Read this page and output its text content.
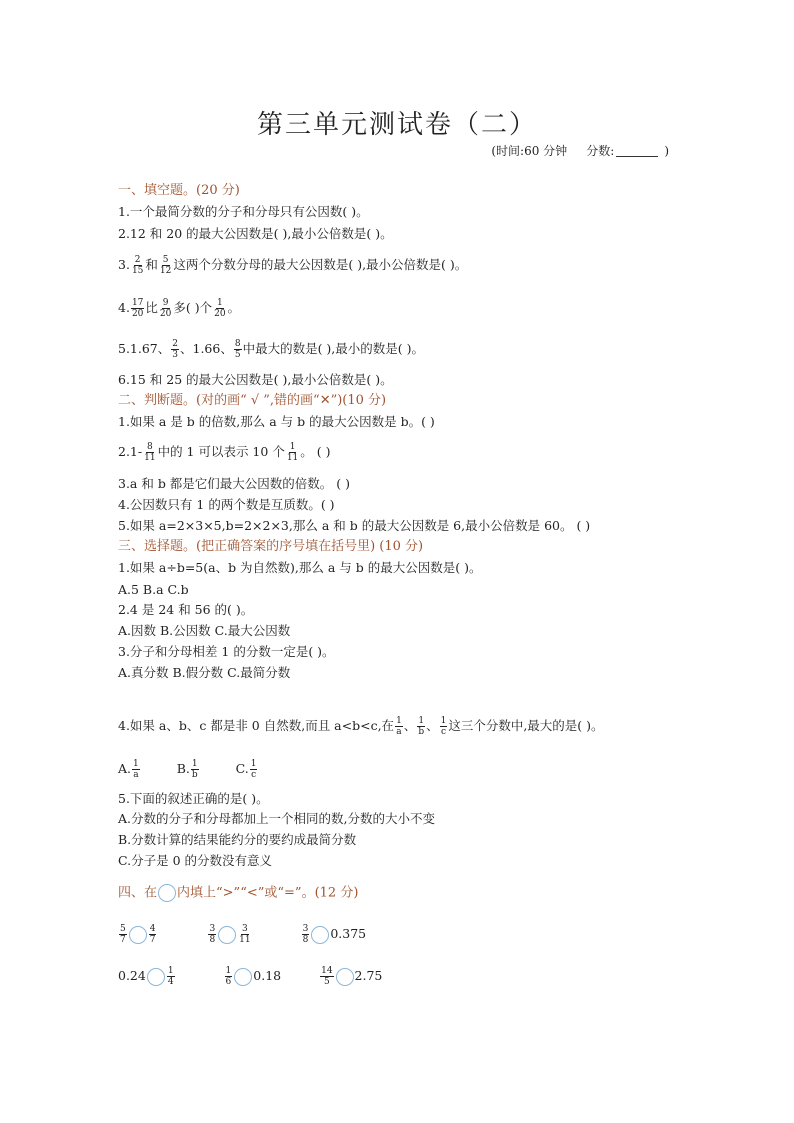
第三单元测试卷（二）
(时间:60 分钟 分数:	)
一、填空题。(20 分)
1.一个最简分数的分子和分母只有公因数( )。
2.12 和 20 的最大公因数是( ),最小公倍数是( )。
3. $\frac{2}{15}$ 和 $\frac{5}{12}$ 这两个分数分母的最大公因数是( ),最小公倍数是( )。
4. $\frac{17}{20}$ 比 $\frac{9}{20}$ 多( )个 $\frac{1}{20}$ 。
5.1.67、 $\frac{2}{3}$ 、1.66、 $\frac{8}{5}$ 中最大的数是( ),最小的数是( )。
6.15 和 25 的最大公因数是( ),最小公倍数是( )。
二、判断题。(对的画“ √ ”,错的画“✕”)(10 分)
1.如果 a 是 b 的倍数,那么 a 与 b 的最大公因数是 b。( )
$2.1- \frac{8}{11}$ 中的 1 可以表示 10 个 $\frac{1}{11}$ 。 ( )
3.a 和 b 都是它们最大公因数的倍数。 ( )
4.公因数只有 1 的两个数是互质数。( )
5.如果 a=2×3×5,b=2×2×3,那么 a 和 b 的最大公因数是 6,最小公倍数是 60。 ( )
三、选择题。(把正确答案的序号填在括号里) (10 分)
1.如果 a÷b=5(a、b 为自然数),那么 a 与 b 的最大公因数是( )。
A.5 B.a C.b
2.4 是 24 和 56 的( )。
A.因数 B.公因数 C.最大公因数
3.分子和分母相差 1 的分数一定是( )。
A.真分数 B.假分数 C.最简分数
4.如果 a、b、c 都是非 0 自然数,而且 a<b<c,在 $\frac{1}{a}$ 、 $\frac{1}{b}$ 、 $\frac{1}{c}$ 这三个分数中,最大的是( )。
A. $\frac{1}{a}$	B. $\frac{1}{b}$	C. $\frac{1}{c}$
5.下面的叙述正确的是( )。
A.分数的分子和分母都加上一个相同的数,分数的大小不变
B.分数计算的结果能约分的要约成最简分数
C.分子是 0 的分数没有意义
四、在 内填上“>”“<”或“=”。(12 分)
$\frac{5}{7} \frac{4}{7}$
	$\frac{3}{8} \frac{3}{11}$
	$\frac{3}{8} 0.375$
$0.24 \frac{1}{4}$
	$\frac{1}{6} 0.18$	$\frac{14}{5} 2.75$
